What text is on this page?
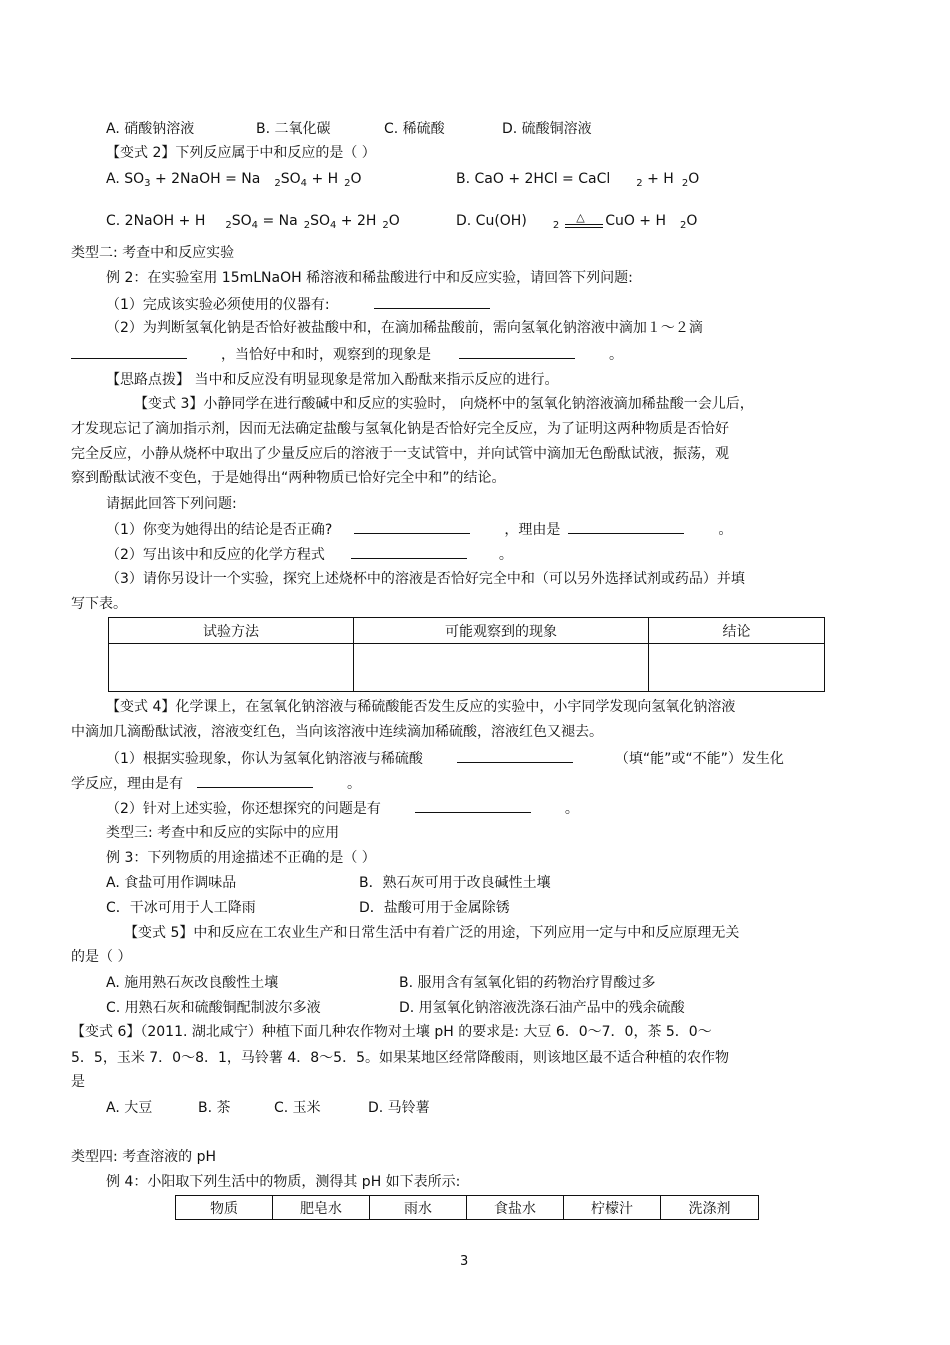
A. 硝酸钠溶液	B. 二氧化碳	C. 稀硫酸	D. 硫酸铜溶液
【变式 2】下列反应属于中和反应的是（ ）
A. $SO_3$ + 2NaOH = Na $_2SO_4 + H$ $_2$O	B. CaO + 2HCl = CaCl	$_2$ + H $_2$O
C. 2NaOH + H $_2SO_4 = Na$ $_2SO_4 + 2H$ $_2$O	D. Cu(OH)	$_2$
△ CuO + H $_2$O
类型二: 考查中和反应实验
例 2：在实验室用 15mLNaOH 稀溶液和稀盐酸进行中和反应实验，请回答下列问题:
（1）完成该实验必须使用的仪器有:
（2）为判断氢氧化钠是否恰好被盐酸中和，在滴加稀盐酸前，需向氢氧化钠溶液中滴加１～２滴
，当恰好中和时，观察到的现象是	。
【思路点拨】 当中和反应没有明显现象是常加入酚酞来指示反应的进行。
【变式 3】小静同学在进行酸碱中和反应的实验时， 向烧杯中的氢氧化钠溶液滴加稀盐酸一会儿后，
才发现忘记了滴加指示剂，因而无法确定盐酸与氢氧化钠是否恰好完全反应，为了证明这两种物质是否恰好
完全反应，小静从烧杯中取出了少量反应后的溶液于一支试管中，并向试管中滴加无色酚酞试液，振荡，观
察到酚酞试液不变色，于是她得出“两种物质已恰好完全中和”的结论。
请据此回答下列问题:
（1）你变为她得出的结论是否正确?	，理由是	。
（2）写出该中和反应的化学方程式	。
（3）请你另设计一个实验，探究上述烧杯中的溶液是否恰好完全中和（可以另外选择试剂或药品）并填
写下表。
试验方法	可能观察到的现象	结论

【变式 4】化学课上，在氢氧化钠溶液与稀硫酸能否发生反应的实验中，小宇同学发现向氢氧化钠溶液
中滴加几滴酚酞试液，溶液变红色，当向该溶液中连续滴加稀硫酸，溶液红色又褪去。
（1）根据实验现象，你认为氢氧化钠溶液与稀硫酸	（填“能”或“不能”）发生化
学反应，理由是有	。
（2）针对上述实验，你还想探究的问题是有	。
类型三: 考查中和反应的实际中的应用
例 3：下列物质的用途描述不正确的是（ ）
A. 食盐可用作调味品	B．熟石灰可用于改良碱性土壤
C．干冰可用于人工降雨	D．盐酸可用于金属除锈
【变式 5】中和反应在工农业生产和日常生活中有着广泛的用途，下列应用一定与中和反应原理无关
的是（ ）
A. 施用熟石灰改良酸性土壤	B. 服用含有氢氧化铝的药物治疗胃酸过多
C. 用熟石灰和硫酸铜配制波尔多液	D. 用氢氧化钠溶液洗涤石油产品中的残余硫酸
【变式 6】（2011. 湖北咸宁）种植下面几种农作物对土壤 pH 的要求是: 大豆 6．0～7．0，茶 5．0～
5．5，玉米 7．0～8．1，马铃薯 4．8～5．5。如果某地区经常降酸雨，则该地区最不适合种植的农作物
是
A. 大豆	B. 茶	C. 玉米	D. 马铃薯
类型四: 考查溶液的 pH
例 4：小阳取下列生活中的物质，测得其 pH 如下表所示:
物质	肥皂水	雨水	食盐水	柠檬汁	洗涤剂
3
